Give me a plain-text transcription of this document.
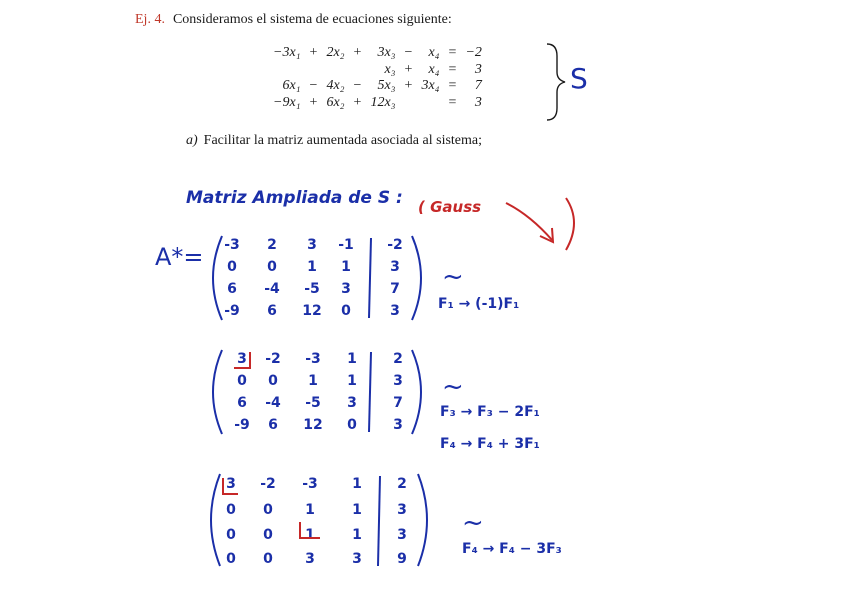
Ej. 4. Consideramos el sistema de ecuaciones siguiente:
−3x₁	+	2x₂	+	3x₃	−	x₄	=	−2
				x₃	+	x₄	=	3
6x₁	−	4x₂	−	5x₃	+	3x₄	=	7
−9x₁	+	6x₂	+	12x₃			=	3
S
a) Facilitar la matriz aumentada asociada al sistema;
Matriz Ampliada de S : ( Gauss
A*= -3 2 3 -1 -2
0 0 1 1	3
6 -4 -5 3	7
-9 6 12 0	3
3 -2 -3 1	2
0 0 1 1	3
6 -4 -5 3	7
-9 6 12 0	3
3 -2 -3 1	2
0 0 1	1	3
0 0 1	1	3
0 0 3	3	9
~
~
~
F₁ → (-1)F₁
F₃ → F₃ − 2F₁
F₄ → F₄ + 3F₁
F₄ → F₄ − 3F₃
